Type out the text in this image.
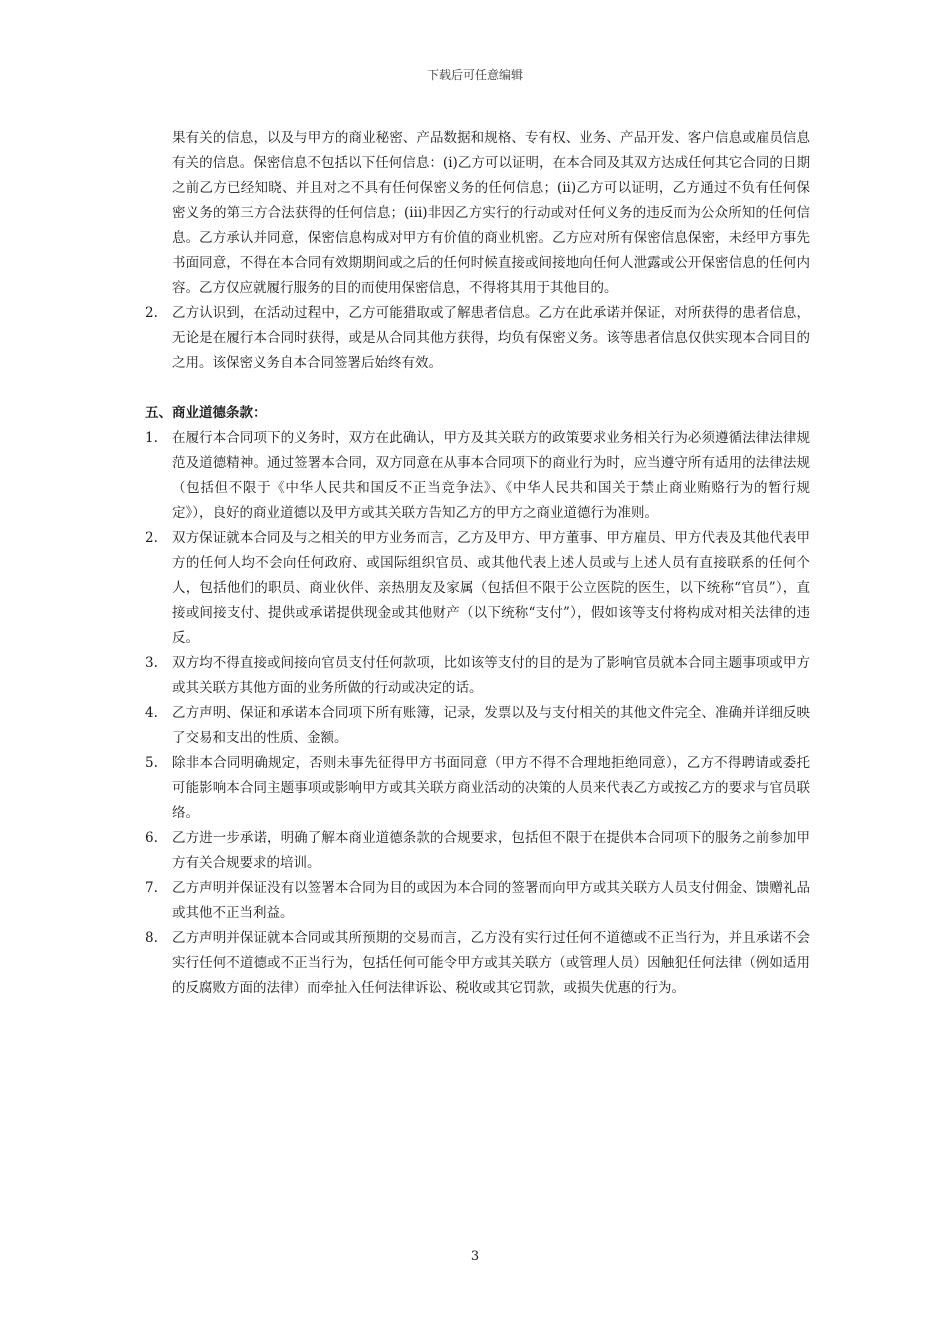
下载后可任意编辑

果有关的信息，以及与甲方的商业秘密、产品数据和规格、专有权、业务、产品开发、客户信息或雇员信息有关的信息。保密信息不包括以下任何信息：(i)乙方可以证明，在本合同及其双方达成任何其它合同的日期之前乙方已经知晓、并且对之不具有任何保密义务的任何信息；(ii)乙方可以证明，乙方通过不负有任何保密义务的第三方合法获得的任何信息；(iii)非因乙方实行的行动或对任何义务的违反而为公众所知的任何信息。乙方承认并同意，保密信息构成对甲方有价值的商业机密。乙方应对所有保密信息保密，未经甲方事先书面同意，不得在本合同有效期期间或之后的任何时候直接或间接地向任何人泄露或公开保密信息的任何内容。乙方仅应就履行服务的目的而使用保密信息，不得将其用于其他目的。

2.	乙方认识到，在活动过程中，乙方可能猎取或了解患者信息。乙方在此承诺并保证，对所获得的患者信息，无论是在履行本合同时获得，或是从合同其他方获得，均负有保密义务。该等患者信息仅供实现本合同目的之用。该保密义务自本合同签署后始终有效。
五、商业道德条款：
1.	在履行本合同项下的义务时，双方在此确认，甲方及其关联方的政策要求业务相关行为必须遵循法律法律规范及道德精神。通过签署本合同，双方同意在从事本合同项下的商业行为时，应当遵守所有适用的法律法规（包括但不限于《中华人民共和国反不正当竞争法》、《中华人民共和国关于禁止商业贿赂行为的暂行规定》），良好的商业道德以及甲方或其关联方告知乙方的甲方之商业道德行为准则。
2.	双方保证就本合同及与之相关的甲方业务而言，乙方及甲方、甲方董事、甲方雇员、甲方代表及其他代表甲方的任何人均不会向任何政府、或国际组织官员、或其他代表上述人员或与上述人员有直接联系的任何个人，包括他们的职员、商业伙伴、亲热朋友及家属（包括但不限于公立医院的医生，以下统称“官员”），直接或间接支付、提供或承诺提供现金或其他财产（以下统称“支付”），假如该等支付将构成对相关法律的违反。
3.	双方均不得直接或间接向官员支付任何款项，比如该等支付的目的是为了影响官员就本合同主题事项或甲方或其关联方其他方面的业务所做的行动或决定的话。
4.	乙方声明、保证和承诺本合同项下所有账簿，记录，发票以及与支付相关的其他文件完全、准确并详细反映了交易和支出的性质、金额。
5.	除非本合同明确规定，否则未事先征得甲方书面同意（甲方不得不合理地拒绝同意），乙方不得聘请或委托可能影响本合同主题事项或影响甲方或其关联方商业活动的决策的人员来代表乙方或按乙方的要求与官员联络。
6.	乙方进一步承诺，明确了解本商业道德条款的合规要求，包括但不限于在提供本合同项下的服务之前参加甲方有关合规要求的培训。
7.	乙方声明并保证没有以签署本合同为目的或因为本合同的签署而向甲方或其关联方人员支付佣金、馈赠礼品或其他不正当利益。
8.	乙方声明并保证就本合同或其所预期的交易而言，乙方没有实行过任何不道德或不正当行为，并且承诺不会实行任何不道德或不正当行为，包括任何可能令甲方或其关联方（或管理人员）因触犯任何法律（例如适用的反腐败方面的法律）而牵扯入任何法律诉讼、税收或其它罚款，或损失优惠的行为。
3
